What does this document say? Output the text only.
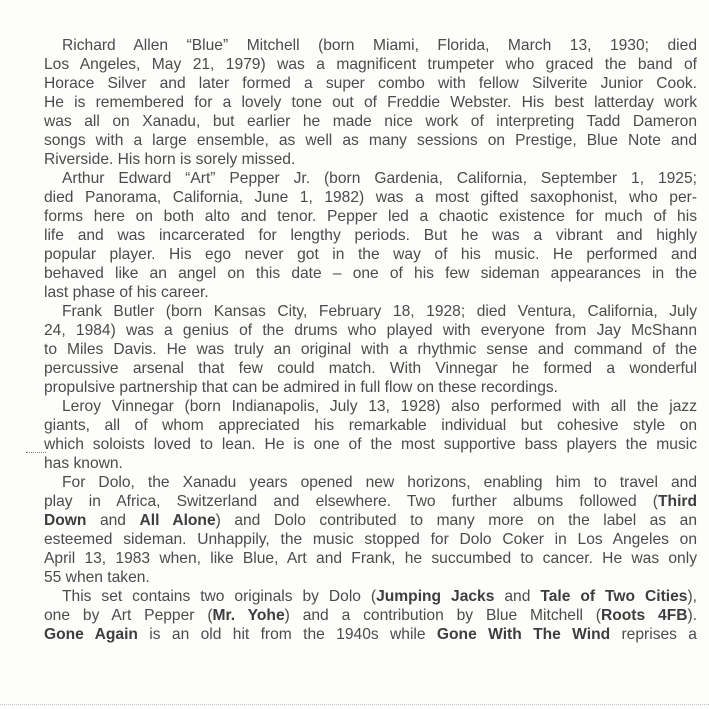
Richard Allen “Blue” Mitchell (born Miami, Florida, March 13, 1930; died
Los Angeles, May 21, 1979) was a magnificent trumpeter who graced the band of
Horace Silver and later formed a super combo with fellow Silverite Junior Cook.
He is remembered for a lovely tone out of Freddie Webster. His best latterday work
was all on Xanadu, but earlier he made nice work of interpreting Tadd Dameron
songs with a large ensemble, as well as many sessions on Prestige, Blue Note and
Riverside. His horn is sorely missed.
Arthur Edward “Art” Pepper Jr. (born Gardenia, California, September 1, 1925;
died Panorama, California, June 1, 1982) was a most gifted saxophonist, who per-
forms here on both alto and tenor. Pepper led a chaotic existence for much of his
life and was incarcerated for lengthy periods. But he was a vibrant and highly
popular player. His ego never got in the way of his music. He performed and
behaved like an angel on this date – one of his few sideman appearances in the
last phase of his career.
Frank Butler (born Kansas City, February 18, 1928; died Ventura, California, July
24, 1984) was a genius of the drums who played with everyone from Jay McShann
to Miles Davis. He was truly an original with a rhythmic sense and command of the
percussive arsenal that few could match. With Vinnegar he formed a wonderful
propulsive partnership that can be admired in full flow on these recordings.
Leroy Vinnegar (born Indianapolis, July 13, 1928) also performed with all the jazz
giants, all of whom appreciated his remarkable individual but cohesive style on
which soloists loved to lean. He is one of the most supportive bass players the music
has known.
For Dolo, the Xanadu years opened new horizons, enabling him to travel and
play in Africa, Switzerland and elsewhere. Two further albums followed (Third
Down and All Alone) and Dolo contributed to many more on the label as an
esteemed sideman. Unhappily, the music stopped for Dolo Coker in Los Angeles on
April 13, 1983 when, like Blue, Art and Frank, he succumbed to cancer. He was only
55 when taken.
This set contains two originals by Dolo (Jumping Jacks and Tale of Two Cities),
one by Art Pepper (Mr. Yohe) and a contribution by Blue Mitchell (Roots 4FB).
Gone Again is an old hit from the 1940s while Gone With The Wind reprises a
